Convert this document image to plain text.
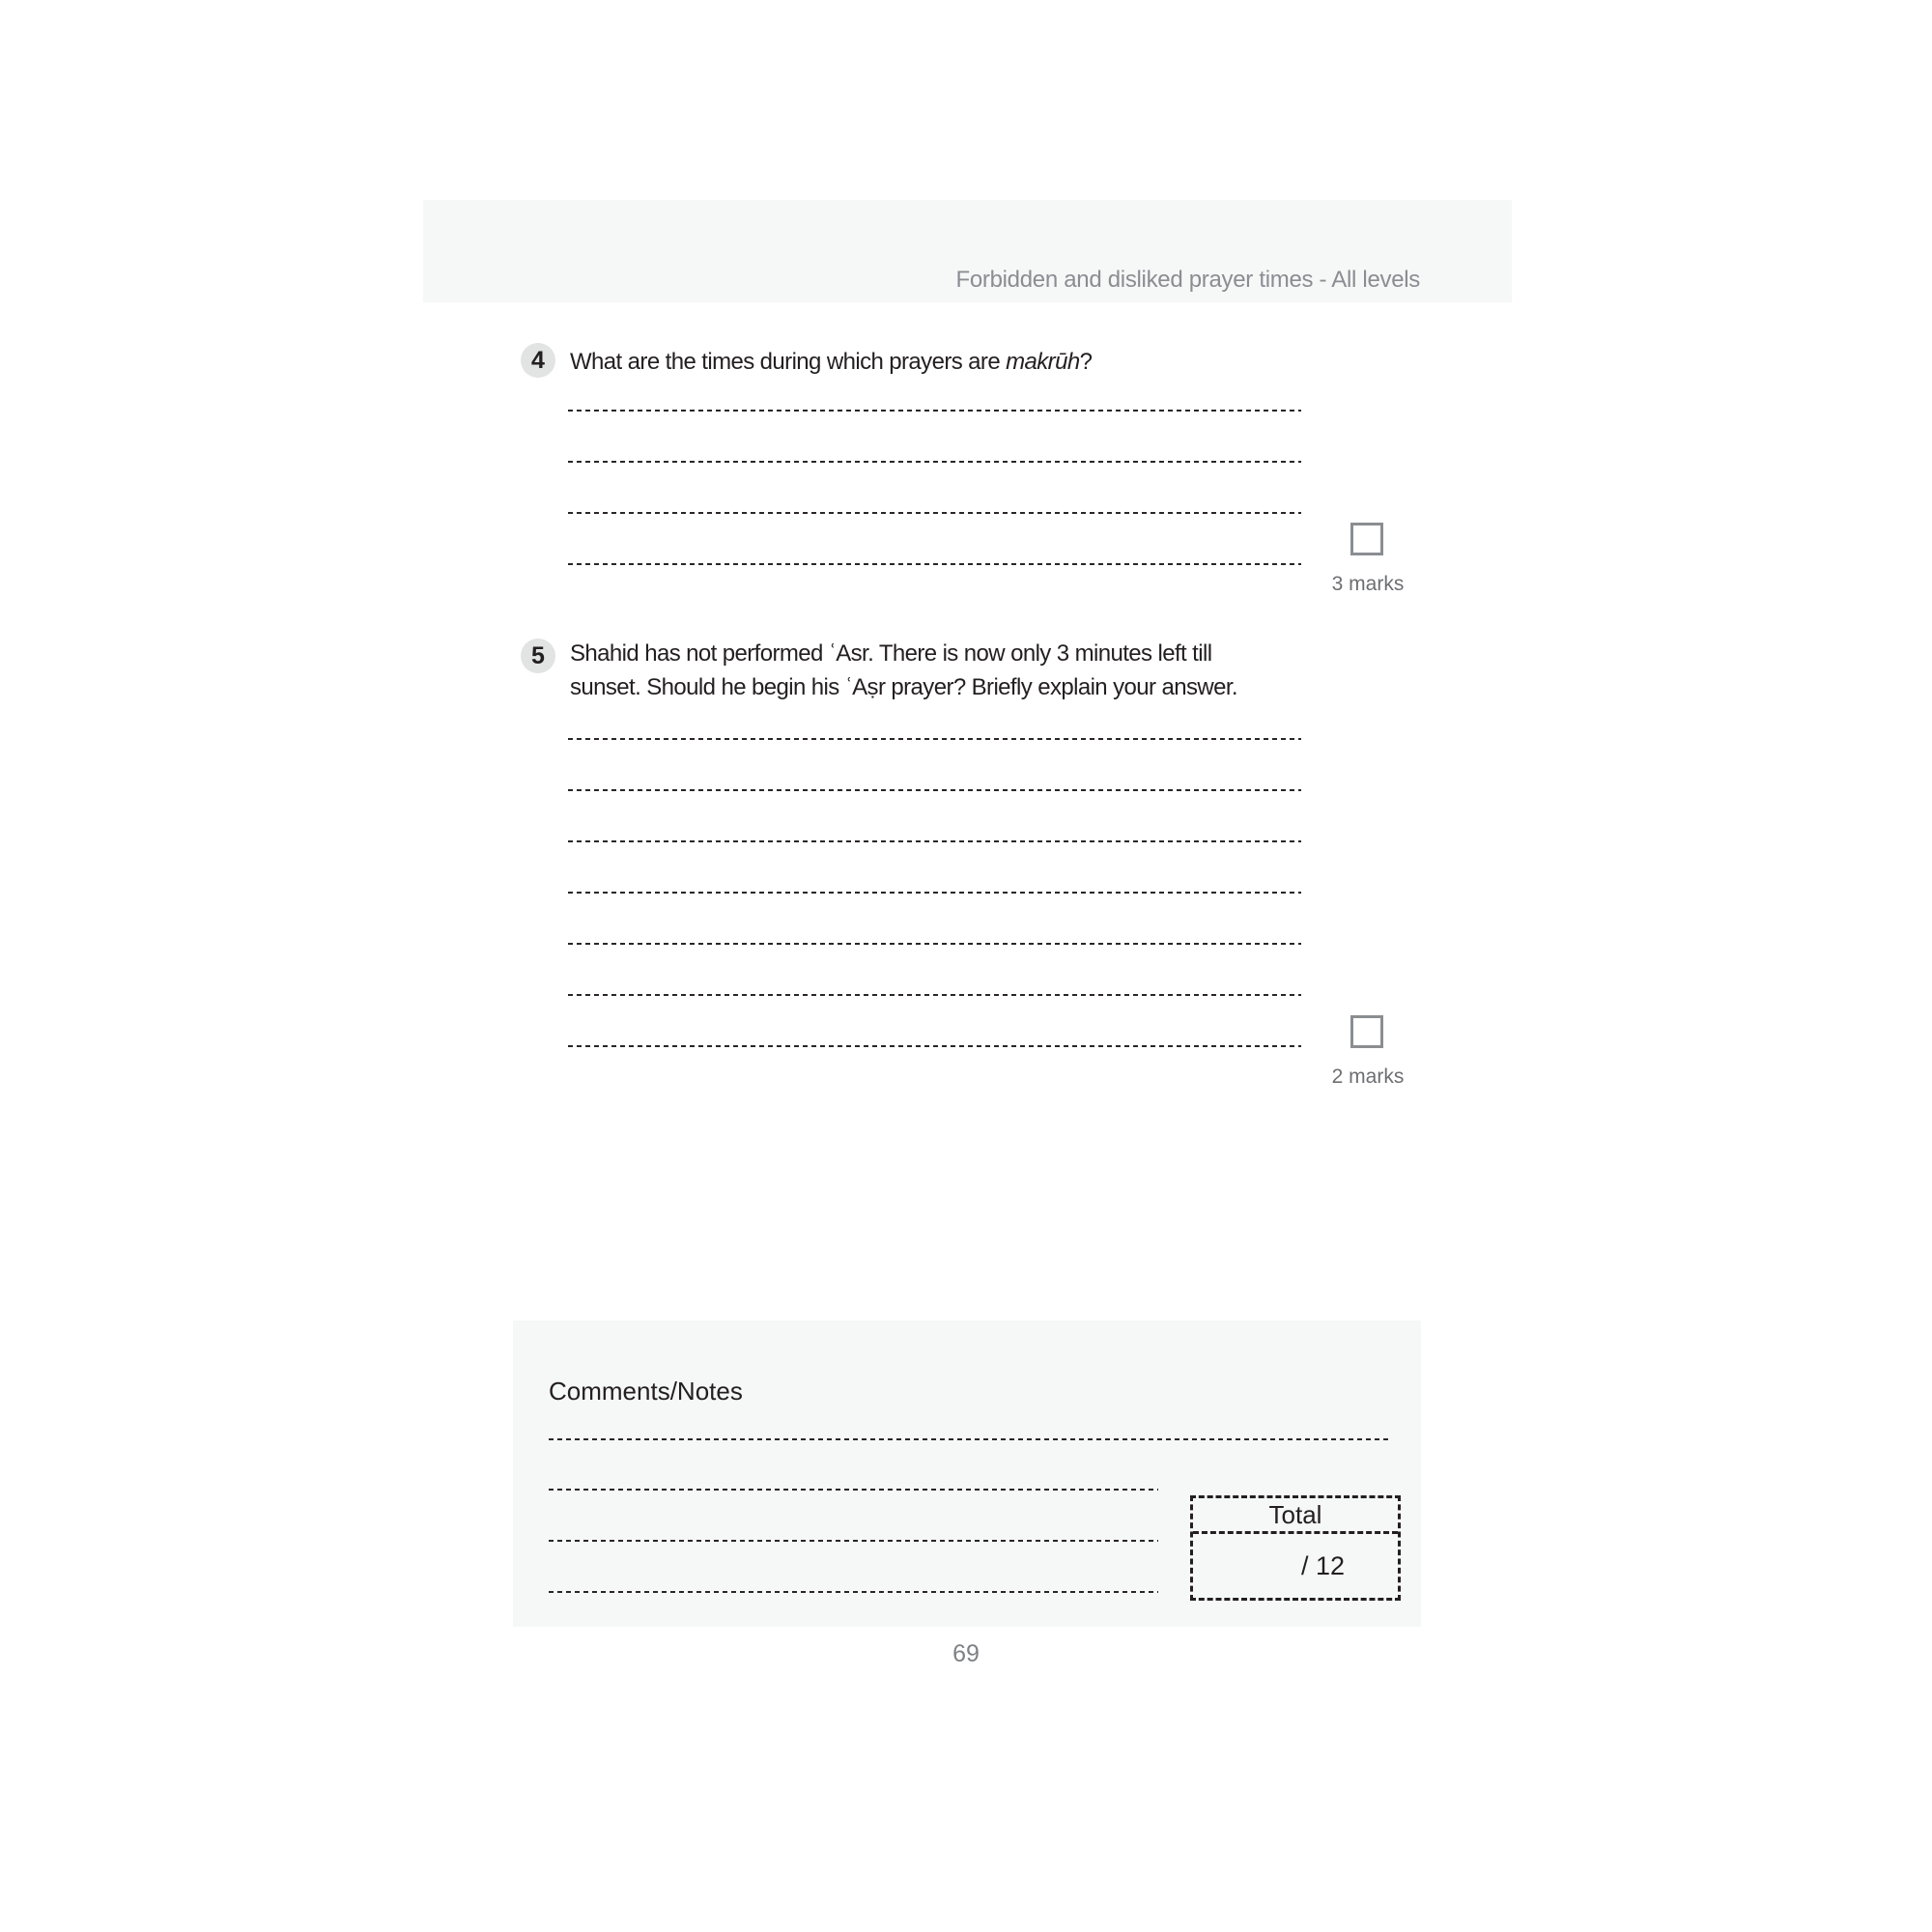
Forbidden and disliked prayer times - All levels
4 What are the times during which prayers are makrūh?
3 marks
5 Shahid has not performed ʿAsr. There is now only 3 minutes left till
sunset. Should he begin his ʿAṣr prayer? Briefly explain your answer.
2 marks
Comments/Notes
Total
/ 12
69
